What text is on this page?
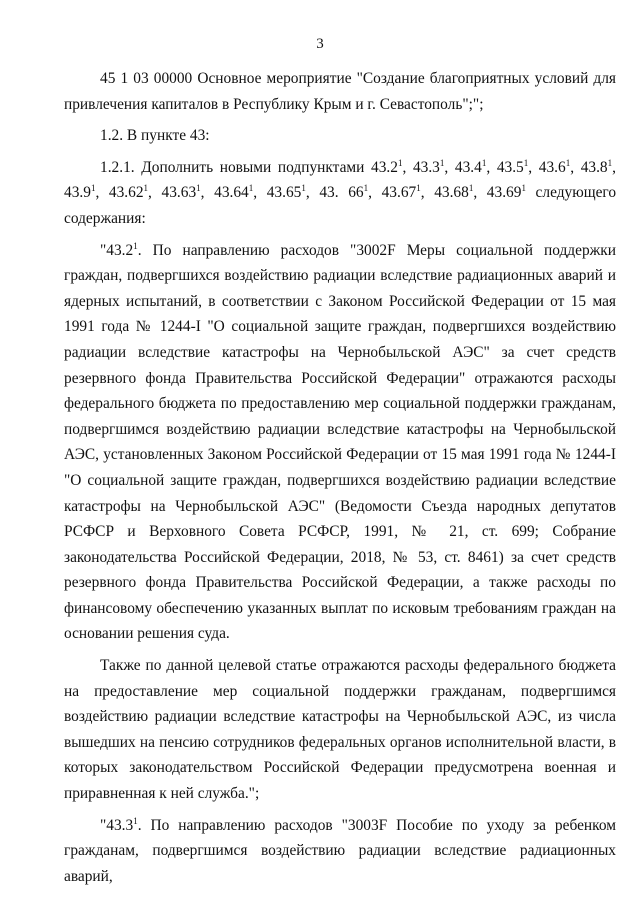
3

45 1 03 00000 Основное мероприятие "Создание благоприятных условий для привлечения капиталов в Республику Крым и г. Севастополь";";

1.2. В пункте 43:

1.2.1. Дополнить новыми подпунктами 43.2$^1$, 43.3$^1$, 43.4$^1$, 43.5$^1$, 43.6$^1$, 43.8$^1$, 43.9$^1$, 43.62$^1$, 43.63$^1$, 43.64$^1$, 43.65$^1$, 43. $66^1$, 43.67$^1$, 43.68$^1$, 43.69$^1$ следующего содержания:

"43.2$^1$. По направлению расходов "3002F Меры социальной поддержки граждан, подвергшихся воздействию радиации вследствие радиационных аварий и ядерных испытаний, в соответствии с Законом Российской Федерации от 15 мая 1991 года № 1244-I "О социальной защите граждан, подвергшихся воздействию радиации вследствие катастрофы на Чернобыльской АЭС" за счет средств резервного фонда Правительства Российской Федерации" отражаются расходы федерального бюджета по предоставлению мер социальной поддержки гражданам, подвергшимся воздействию радиации вследствие катастрофы на Чернобыльской АЭС, установленных Законом Российской Федерации от 15 мая 1991 года № 1244-I "О социальной защите граждан, подвергшихся воздействию радиации вследствие катастрофы на Чернобыльской АЭС" (Ведомости Съезда народных депутатов РСФСР и Верховного Совета РСФСР, 1991, № 21, ст. 699; Собрание законодательства Российской Федерации, 2018, № 53, ст. 8461) за счет средств резервного фонда Правительства Российской Федерации, а также расходы по финансовому обеспечению указанных выплат по исковым требованиям граждан на основании решения суда.

Также по данной целевой статье отражаются расходы федерального бюджета на предоставление мер социальной поддержки гражданам, подвергшимся воздействию радиации вследствие катастрофы на Чернобыльской АЭС, из числа вышедших на пенсию сотрудников федеральных органов исполнительной власти, в которых законодательством Российской Федерации предусмотрена военная и приравненная к ней служба.";

"43.3$^1$. По направлению расходов "3003F Пособие по уходу за ребенком гражданам, подвергшимся воздействию радиации вследствие радиационных аварий,
